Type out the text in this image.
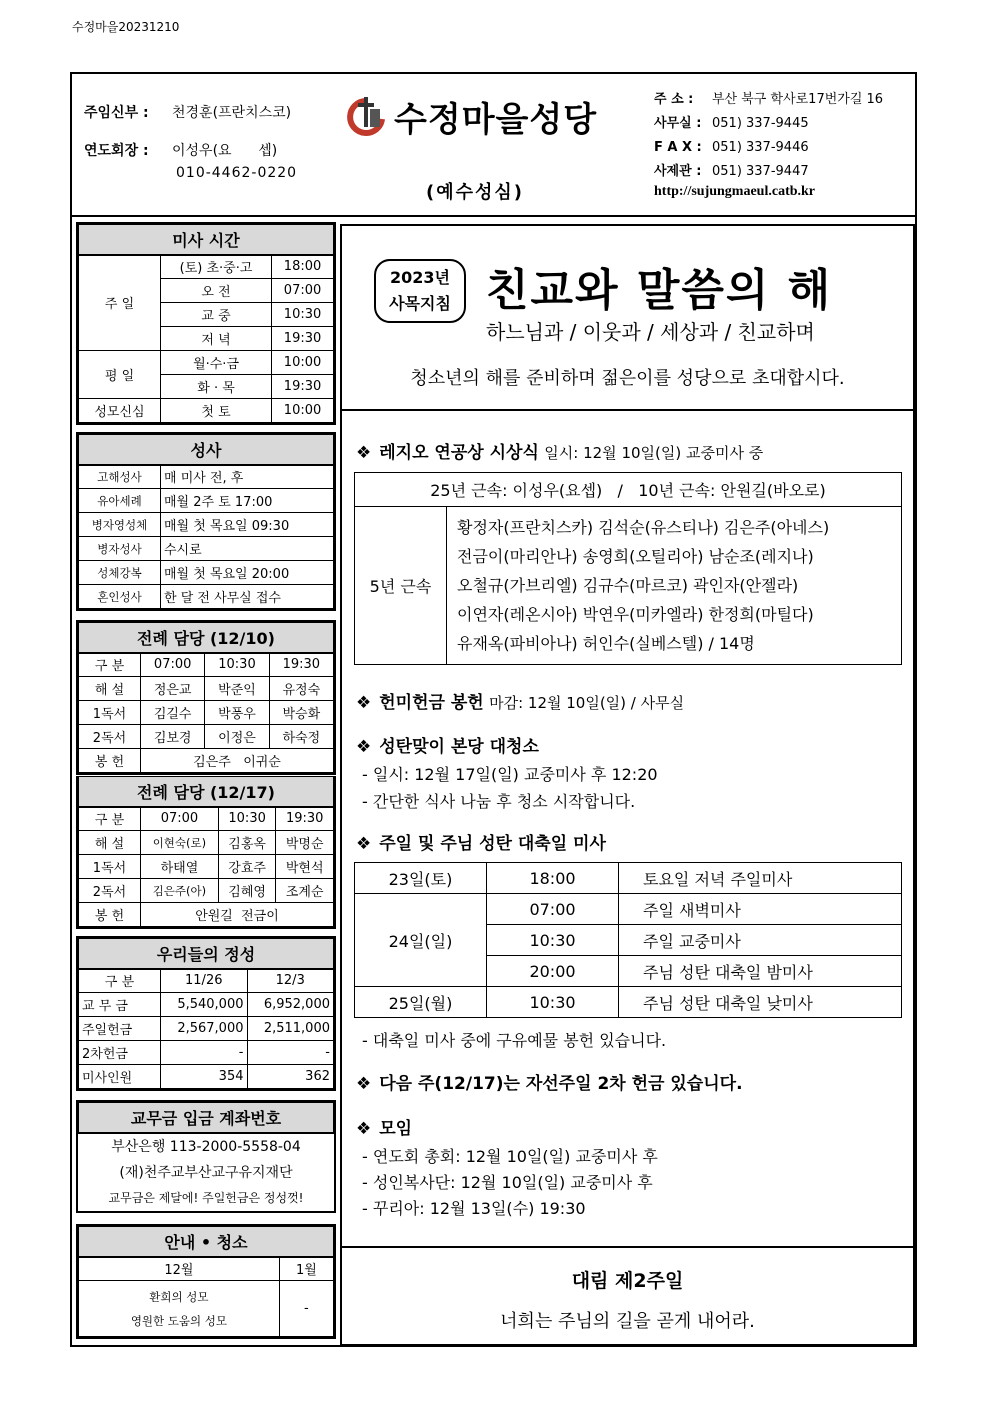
수정마을20231210
주임신부 :	천경훈(프란치스코)
연도회장 :	이성우(요      셉)
010-4462-0220
수정마을성당
(예수성심)
주 소 :	부산 북구 학사로17번가길 16
사무실 : 051) 337-9445
F A X : 051) 337-9446
사제관 : 051) 337-9447
http://sujungmaeul.catb.kr
미사 시간		
주 일	(토) 초·중·고	18:00
	오 전	07:00
	교 중	10:30
	저 녁	19:30
평 일	월·수·금	10:00
	화 · 목	19:30
성모신심	첫 토	10:00
성사	
고해성사	매 미사 전, 후
유아세례	매월 2주 토 17:00
병자영성체	매월 첫 목요일 09:30
병자성사	수시로
성체강복	매월 첫 목요일 20:00
혼인성사	한 달 전 사무실 접수
전례 담당 (12/10)			
구 분	07:00	10:30	19:30
해 설	정은교	박준익	유정숙
1독서	김길수	박풍우	박승화
2독서	김보경	이정은	하숙정
봉 헌	김은주   이귀순		
전례 담당 (12/17)			
구 분	07:00	10:30	19:30
해 설	이현숙(로)	김홍옥	박명순
1독서	하태열	강효주	박현석
2독서	김은주(아)	김혜영	조계순
봉 헌	안원길  전금이		
우리들의 정성		
구 분	11/26	12/3
교 무 금	5,540,000	6,952,000
주일헌금	2,567,000	2,511,000
2차헌금	-	-
미사인원	354	362
교무금 입금 계좌번호
부산은행 113-2000-5558-04
(재)천주교부산교구유지재단
교무금은 제달에! 주일헌금은 정성껏!
안내 • 청소	
12월	1월
환희의 성모
영원한 도움의 성모	-
2023년
사목지침 친교와 말씀의 해
하느님과 / 이웃과 / 세상과 / 친교하며
청소년의 해를 준비하며 젊은이를 성당으로 초대합시다.
❖ 레지오 연공상 시상식 일시: 12월 10일(일) 교중미사 중
25년 근속: 이성우(요셉)   /   10년 근속: 안원길(바오로)
5년 근속	
황정자(프란치스카) 김석순(유스티나) 김은주(아네스)
전금이(마리안나) 송영희(오틸리아) 남순조(레지나)
오철규(가브리엘) 김규수(마르코) 곽인자(안젤라)
이연자(레온시아) 박연우(미카엘라) 한정희(마틸다)
유재옥(파비아나) 허인수(실베스텔) / 14명
❖ 헌미헌금 봉헌 마감: 12월 10일(일) / 사무실
❖ 성탄맞이 본당 대청소
- 일시: 12월 17일(일) 교중미사 후 12:20
- 간단한 식사 나눔 후 청소 시작합니다.
❖ 주일 및 주님 성탄 대축일 미사
23일(토)	18:00	토요일 저녁 주일미사
24일(일)	07:00	주일 새벽미사
	10:30	주일 교중미사
	20:00	주님 성탄 대축일 밤미사
25일(월)	10:30	주님 성탄 대축일 낮미사
- 대축일 미사 중에 구유예물 봉헌 있습니다.
❖ 다음 주(12/17)는 자선주일 2차 헌금 있습니다.
❖ 모임
- 연도회 총회: 12월 10일(일) 교중미사 후
- 성인복사단: 12월 10일(일) 교중미사 후
- 꾸리아: 12월 13일(수) 19:30
대림 제2주일
너희는 주님의 길을 곧게 내어라.
